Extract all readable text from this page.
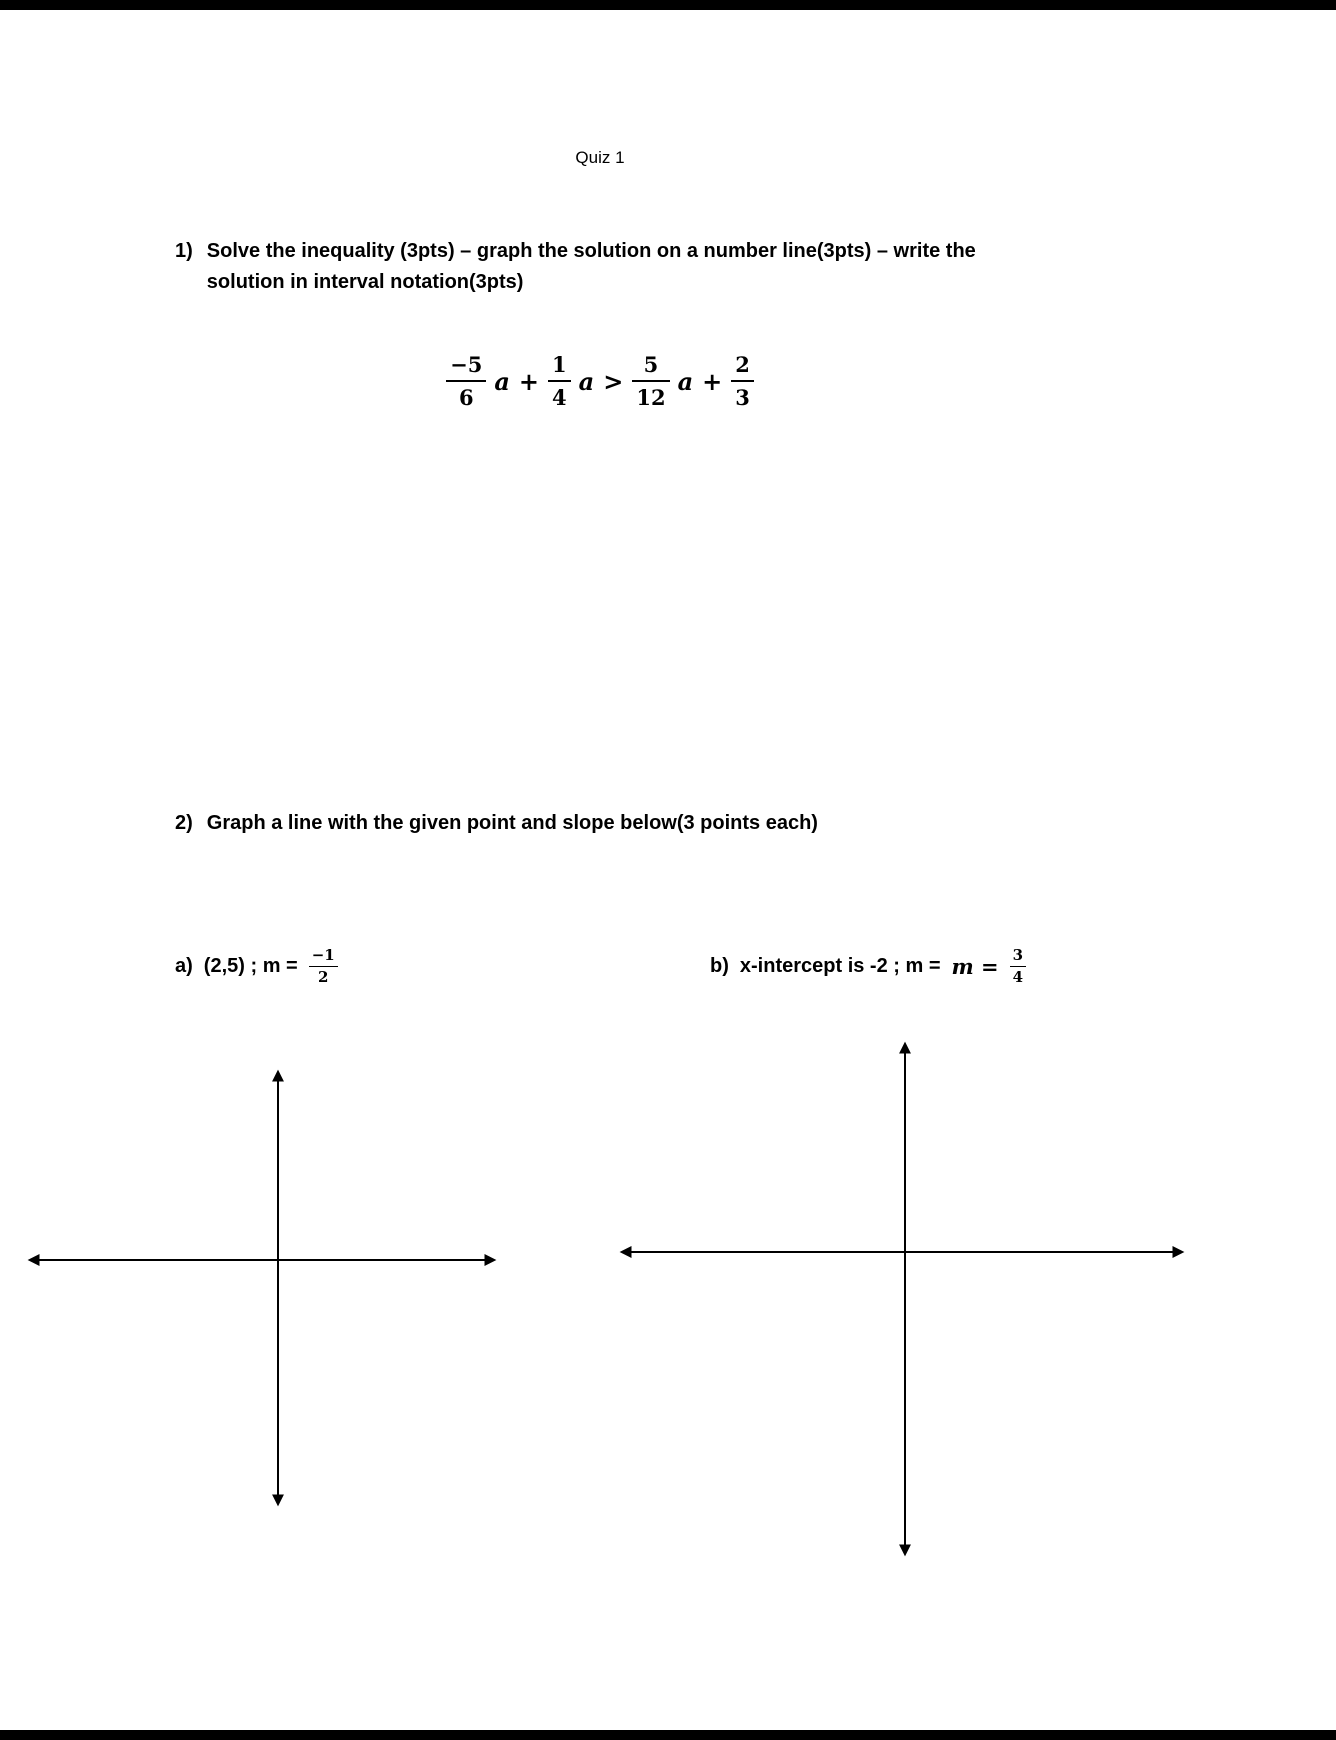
Quiz 1
1) Solve the inequality (3pts) – graph the solution on a number line(3pts) – write the
solution in interval notation(3pts)
$\frac{-5}{6}$ $a + \frac{1}{4}$ $a > \frac{5}{12}$ $a + \frac{2}{3}$
2) Graph a line with the given point and slope below(3 points each)
a) (2,5) ; $m = \frac{-1}{2}$	b) x-intercept is -2 ; $m = m = \frac{3}{4}$
